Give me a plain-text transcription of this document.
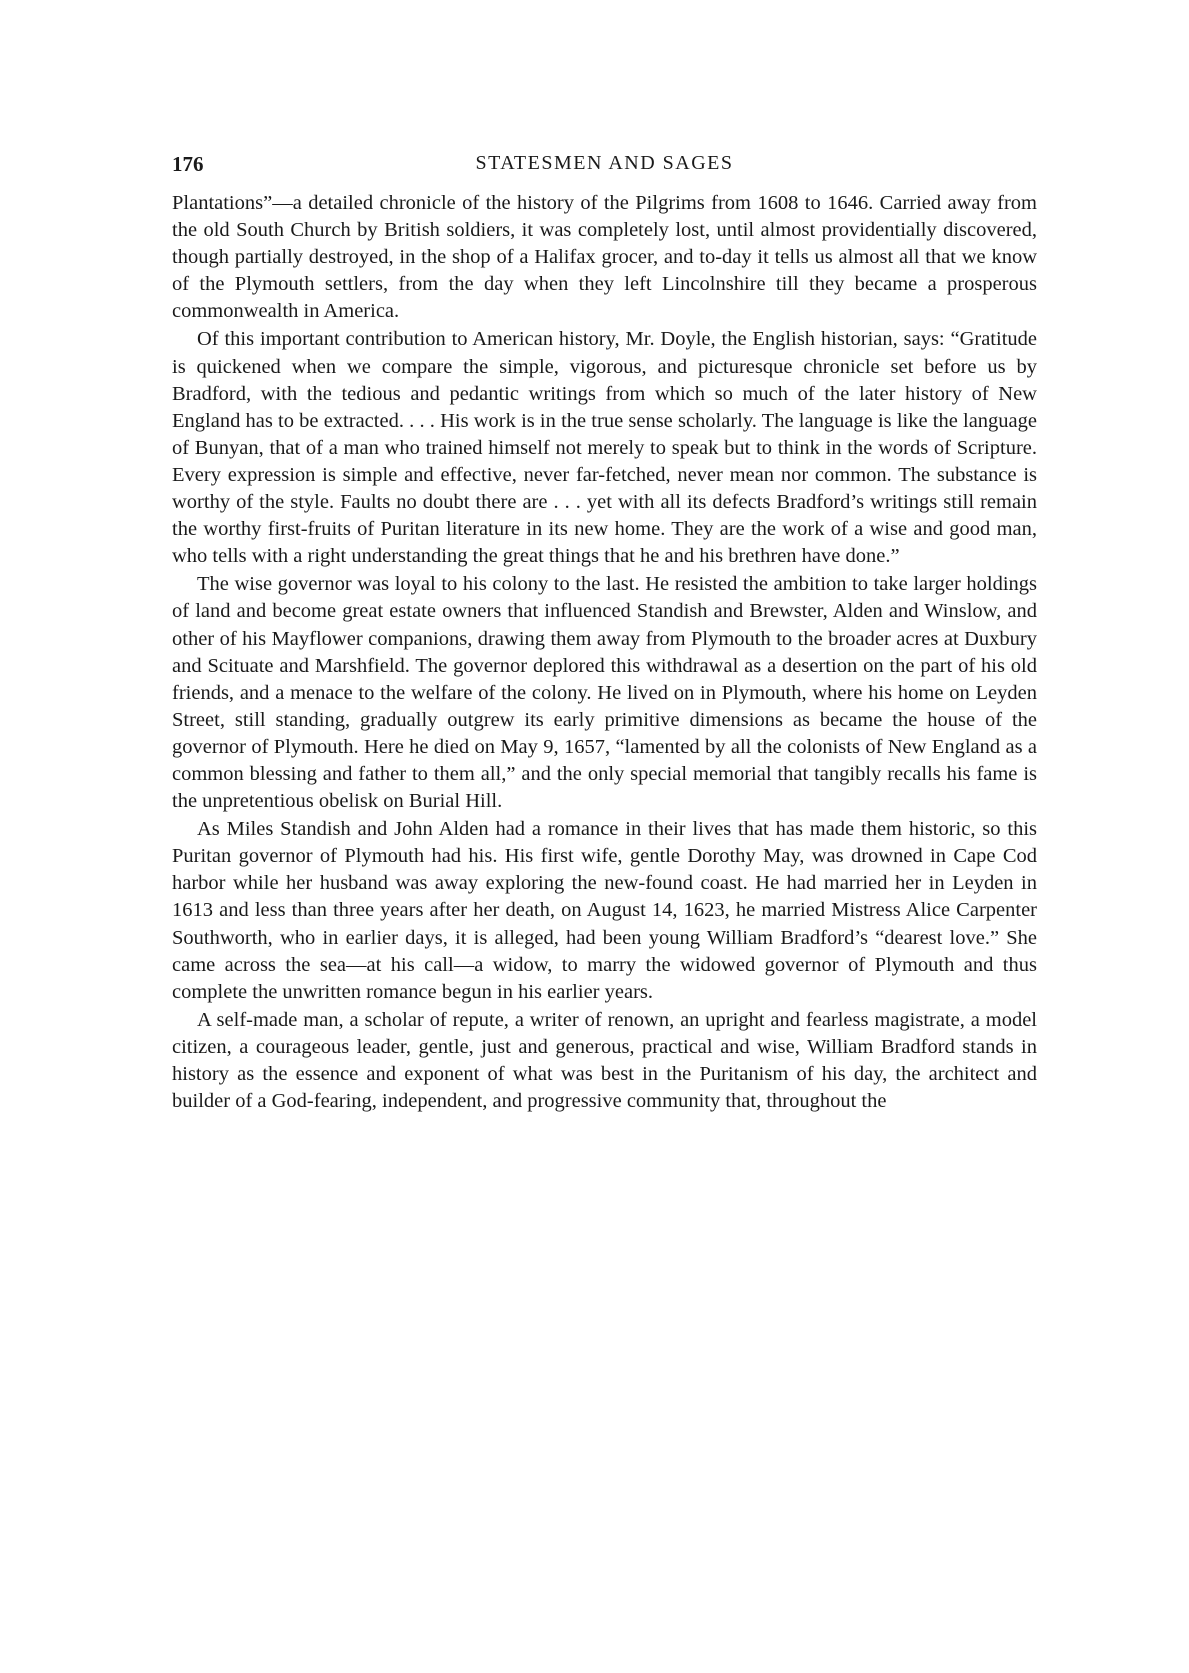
176	STATESMEN AND SAGES

Plantations”—a detailed chronicle of the history of the Pilgrims from 1608 to 1646. Carried away from the old South Church by British soldiers, it was completely lost, until almost providentially discovered, though partially destroyed, in the shop of a Halifax grocer, and to-day it tells us almost all that we know of the Plymouth settlers, from the day when they left Lincolnshire till they became a prosperous commonwealth in America.

Of this important contribution to American history, Mr. Doyle, the English historian, says: “Gratitude is quickened when we compare the simple, vigorous, and picturesque chronicle set before us by Bradford, with the tedious and pedantic writings from which so much of the later history of New England has to be extracted. . . . His work is in the true sense scholarly. The language is like the language of Bunyan, that of a man who trained himself not merely to speak but to think in the words of Scripture. Every expression is simple and effective, never far-fetched, never mean nor common. The substance is worthy of the style. Faults no doubt there are . . . yet with all its defects Bradford’s writings still remain the worthy first-fruits of Puritan literature in its new home. They are the work of a wise and good man, who tells with a right understanding the great things that he and his brethren have done.”

The wise governor was loyal to his colony to the last. He resisted the ambition to take larger holdings of land and become great estate owners that influenced Standish and Brewster, Alden and Winslow, and other of his Mayflower companions, drawing them away from Plymouth to the broader acres at Duxbury and Scituate and Marshfield. The governor deplored this withdrawal as a desertion on the part of his old friends, and a menace to the welfare of the colony. He lived on in Plymouth, where his home on Leyden Street, still standing, gradually outgrew its early primitive dimensions as became the house of the governor of Plymouth. Here he died on May 9, 1657, “lamented by all the colonists of New England as a common blessing and father to them all,” and the only special memorial that tangibly recalls his fame is the unpretentious obelisk on Burial Hill.

As Miles Standish and John Alden had a romance in their lives that has made them historic, so this Puritan governor of Plymouth had his. His first wife, gentle Dorothy May, was drowned in Cape Cod harbor while her husband was away exploring the new-found coast. He had married her in Leyden in 1613 and less than three years after her death, on August 14, 1623, he married Mistress Alice Carpenter Southworth, who in earlier days, it is alleged, had been young William Bradford’s “dearest love.” She came across the sea—at his call—a widow, to marry the widowed governor of Plymouth and thus complete the unwritten romance begun in his earlier years.

A self-made man, a scholar of repute, a writer of renown, an upright and fearless magistrate, a model citizen, a courageous leader, gentle, just and generous, practical and wise, William Bradford stands in history as the essence and exponent of what was best in the Puritanism of his day, the architect and builder of a God-fearing, independent, and progressive community that, throughout the
